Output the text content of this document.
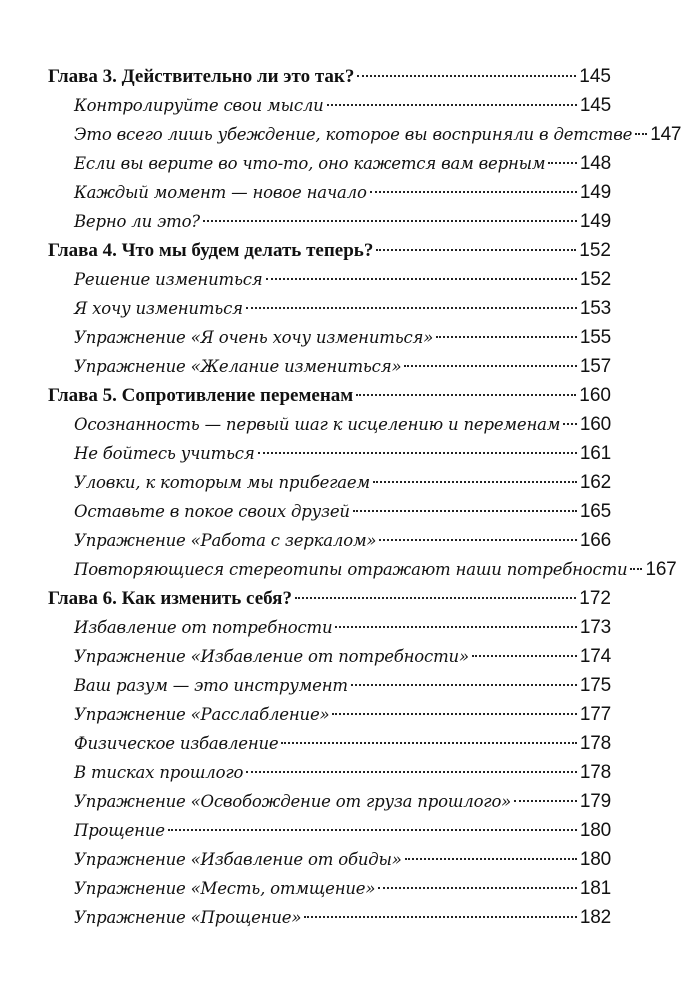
Глава 3. Действительно ли это так?	145
Контролируйте свои мысли	145
Это всего лишь убеждение, которое вы восприняли в детстве 147
Если вы верите во что-то, оно кажется вам верным 148
Каждый момент — новое начало	149
Верно ли это?	149
Глава 4. Что мы будем делать теперь?	152
Решение измениться	152
Я хочу измениться	153
Упражнение «Я очень хочу измениться»	155
Упражнение «Желание измениться»	157
Глава 5. Сопротивление переменам	160
Осознанность — первый шаг к исцелению и переменам 160
Не бойтесь учиться	161
Уловки, к которым мы прибегаем	162
Оставьте в покое своих друзей	165
Упражнение «Работа с зеркалом»	166
Повторяющиеся стереотипы отражают наши потребности 167
Глава 6. Как изменить себя?	172
Избавление от потребности	173
Упражнение «Избавление от потребности»	174
Ваш разум — это инструмент	175
Упражнение «Расслабление»	177
Физическое избавление	178
В тисках прошлого	178
Упражнение «Освобождение от груза прошлого»	179
Прощение	180
Упражнение «Избавление от обиды»	180
Упражнение «Месть, отмщение»	181
Упражнение «Прощение»	182
